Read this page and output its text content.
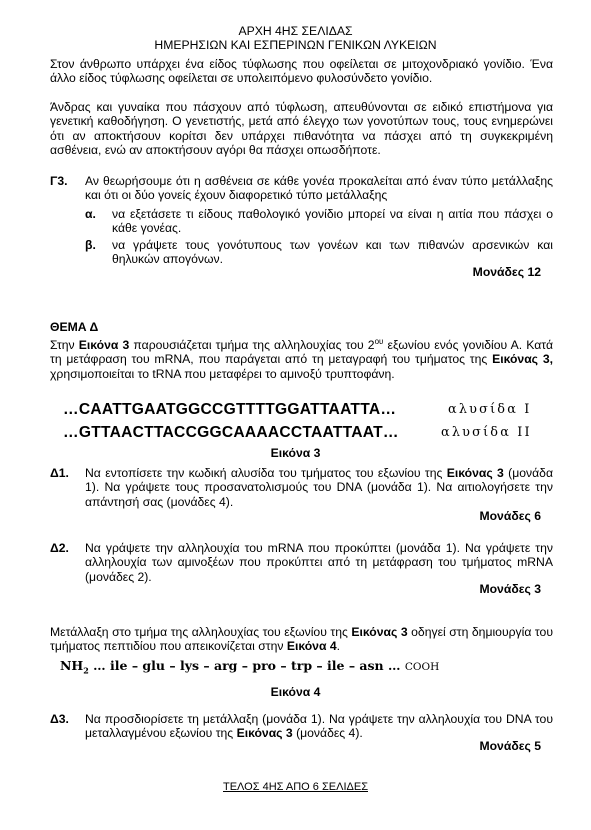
ΑΡΧΗ 4ΗΣ ΣΕΛΙΔΑΣ
ΗΜΕΡΗΣΙΩΝ ΚΑΙ ΕΣΠΕΡΙΝΩΝ ΓΕΝΙΚΩΝ ΛΥΚΕΙΩΝ
Στον άνθρωπο υπάρχει ένα είδος τύφλωσης που οφείλεται σε μιτοχονδριακό γονίδιο. Ένα άλλο είδος τύφλωσης οφείλεται σε υπολειπόμενο φυλοσύνδετο γονίδιο.
Άνδρας και γυναίκα που πάσχουν από τύφλωση, απευθύνονται σε ειδικό επιστήμονα για γενετική καθοδήγηση. Ο γενετιστής, μετά από έλεγχο των γονοτύπων τους, τους ενημερώνει ότι αν αποκτήσουν κορίτσι δεν υπάρχει πιθανότητα να πάσχει από τη συγκεκριμένη ασθένεια, ενώ αν αποκτήσουν αγόρι θα πάσχει οπωσδήποτε.
Γ3. Αν θεωρήσουμε ότι η ασθένεια σε κάθε γονέα προκαλείται από έναν τύπο μετάλλαξης και ότι οι δύο γονείς έχουν διαφορετικό τύπο μετάλλαξης
α. να εξετάσετε τι είδους παθολογικό γονίδιο μπορεί να είναι η αιτία που πάσχει ο κάθε γονέας.
β. να γράψετε τους γονότυπους των γονέων και των πιθανών αρσενικών και θηλυκών απογόνων.
Μονάδες 12
ΘΕΜΑ Δ
Στην Εικόνα 3 παρουσιάζεται τμήμα της αλληλουχίας του $2^{o\upsilon}$ εξωνίου ενός γονιδίου Α. Κατά τη μετάφραση του mRNA, που παράγεται από τη μεταγραφή του τμήματος της Εικόνας 3, χρησιμοποιείται το tRNA που μεταφέρει το αμινοξύ τρυπτοφάνη.
…CAATTGAATGGCCGTTTTGGATTAATTA…	αλυσίδα Ι
…GTTAACTTACCGGCAAAACCTAATTAAT…	αλυσίδα ΙΙ
Εικόνα 3
Δ1. Να εντοπίσετε την κωδική αλυσίδα του τμήματος του εξωνίου της Εικόνας 3 (μονάδα 1). Να γράψετε τους προσανατολισμούς του DNA (μονάδα 1). Να αιτιολογήσετε την απάντησή σας (μονάδες 4).
Μονάδες 6
Δ2. Να γράψετε την αλληλουχία του mRNA που προκύπτει (μονάδα 1). Να γράψετε την αλληλουχία των αμινοξέων που προκύπτει από τη μετάφραση του τμήματος mRNA (μονάδες 2).
Μονάδες 3
Μετάλλαξη στο τμήμα της αλληλουχίας του εξωνίου της Εικόνας 3 οδηγεί στη δημιουργία του τμήματος πεπτιδίου που απεικονίζεται στην Εικόνα 4.
$NH_2$ … ile – glu – lys – arg – pro – trp – ile – asn … COOH
Εικόνα 4
Δ3. Να προσδιορίσετε τη μετάλλαξη (μονάδα 1). Να γράψετε την αλληλουχία του DNA του μεταλλαγμένου εξωνίου της Εικόνας 3 (μονάδες 4).
Μονάδες 5
ΤΕΛΟΣ 4ΗΣ ΑΠΟ 6 ΣΕΛΙΔΕΣ
